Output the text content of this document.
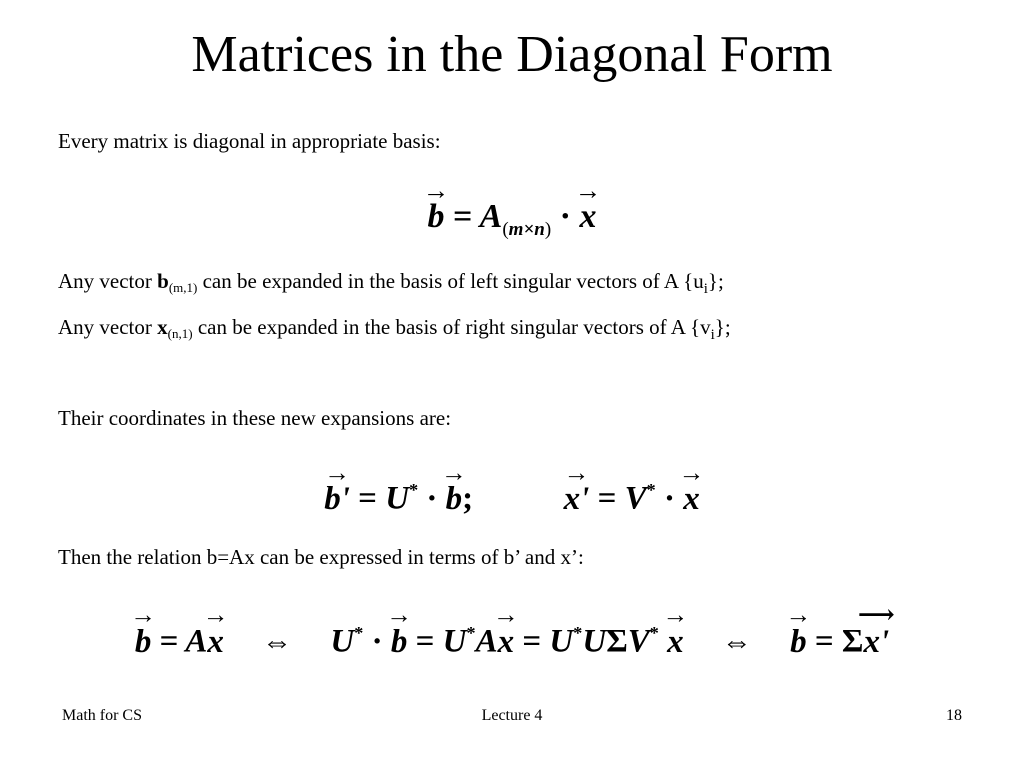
Matrices in the Diagonal Form
Every matrix is diagonal in appropriate basis:
→ $b = A_{(m\times n)}$ · → x
Any vector $b_{(m,1)}$ can be expanded in the basis of left singular vectors of A $\{u_i\}$;
Any vector $x_{(n,1)}$ can be expanded in the basis of right singular vectors of A $\{v_i\}$;
Their coordinates in these new expansions are:
→ b' = U* · → b;	→ x' = V* · → x
Then the relation b=Ax can be expressed in terms of b’ and x’:
→ b = A→ x ⇔ U* · → b = U*A→ x = U*UΣV* → x ⇔ → b = Σ⟶ x'
Math for CS	Lecture 4	18
